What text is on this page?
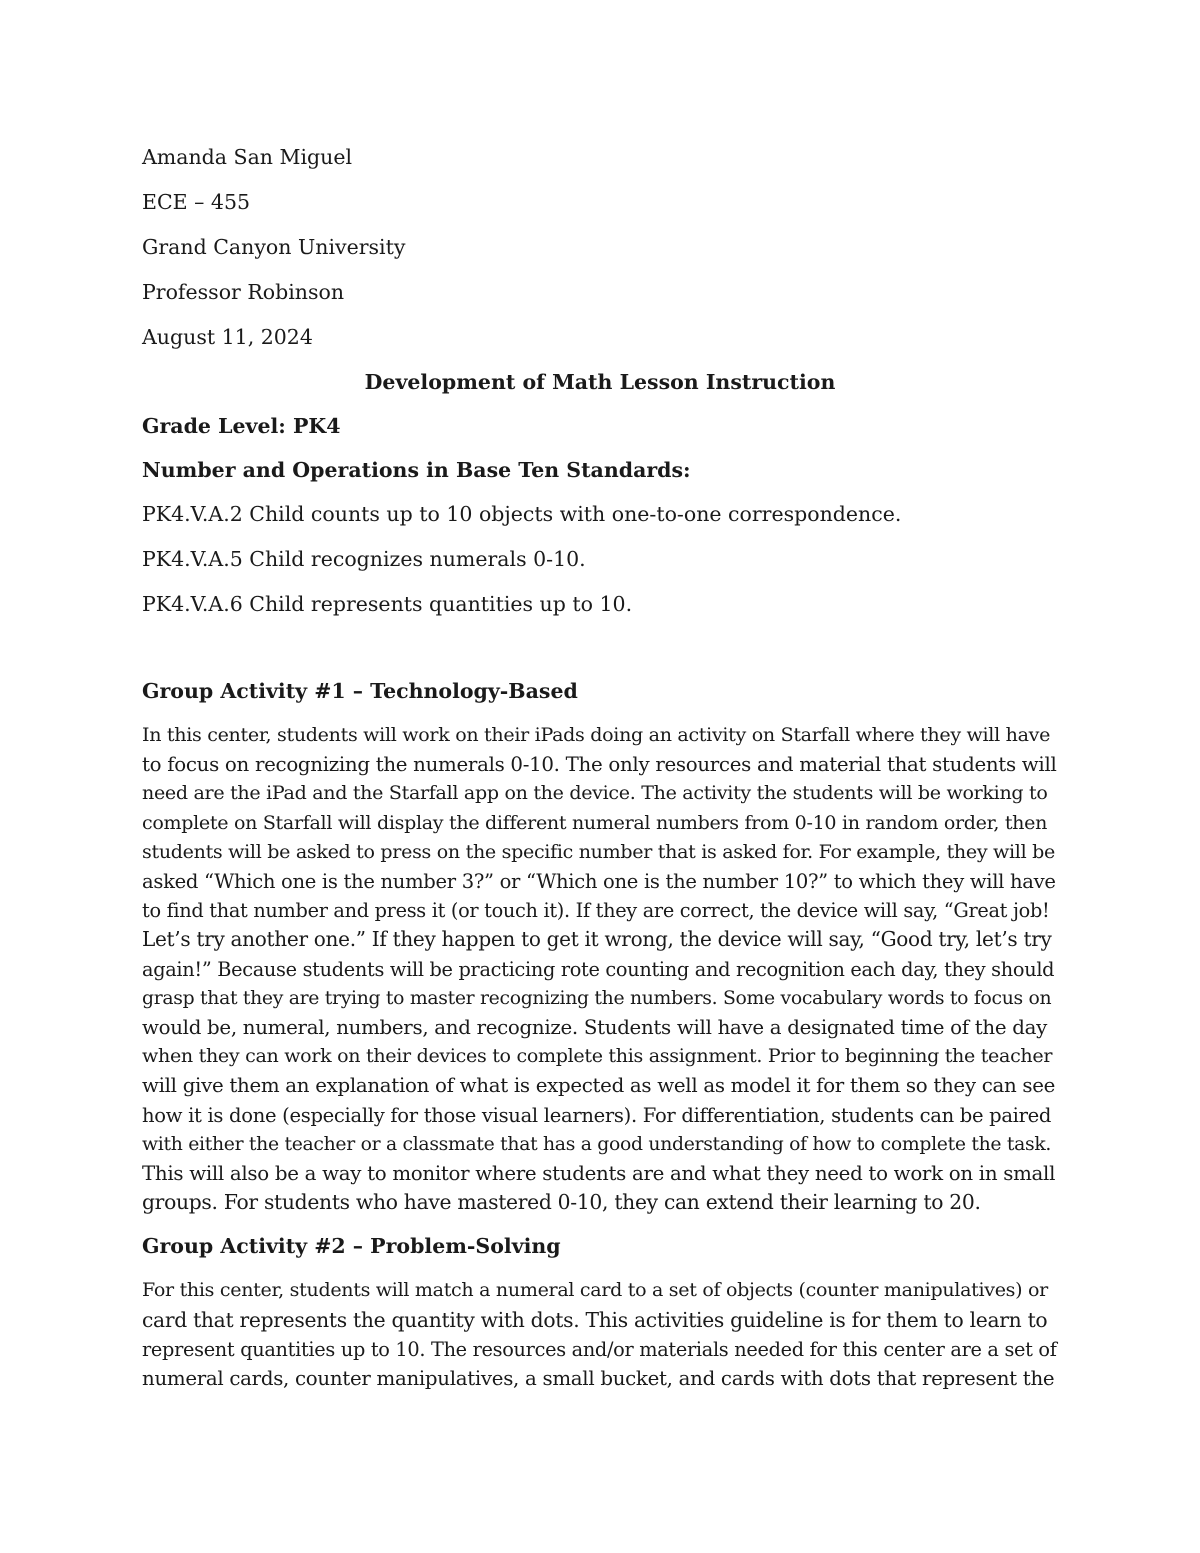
Amanda San Miguel

ECE – 455

Grand Canyon University

Professor Robinson

August 11, 2024

Development of Math Lesson Instruction

Grade Level: PK4

Number and Operations in Base Ten Standards:

PK4.V.A.2 Child counts up to 10 objects with one-to-one correspondence.

PK4.V.A.5 Child recognizes numerals 0-10.

PK4.V.A.6 Child represents quantities up to 10.

Group Activity #1 – Technology-Based

In this center, students will work on their iPads doing an activity on Starfall where they will have
to focus on recognizing the numerals 0-10. The only resources and material that students will
need are the iPad and the Starfall app on the device. The activity the students will be working to
complete on Starfall will display the different numeral numbers from 0-10 in random order, then
students will be asked to press on the specific number that is asked for. For example, they will be
asked “Which one is the number 3?” or “Which one is the number 10?” to which they will have
to find that number and press it (or touch it). If they are correct, the device will say, “Great job!
Let’s try another one.” If they happen to get it wrong, the device will say, “Good try, let’s try
again!” Because students will be practicing rote counting and recognition each day, they should
grasp that they are trying to master recognizing the numbers. Some vocabulary words to focus on
would be, numeral, numbers, and recognize. Students will have a designated time of the day
when they can work on their devices to complete this assignment. Prior to beginning the teacher
will give them an explanation of what is expected as well as model it for them so they can see
how it is done (especially for those visual learners). For differentiation, students can be paired
with either the teacher or a classmate that has a good understanding of how to complete the task.
This will also be a way to monitor where students are and what they need to work on in small
groups. For students who have mastered 0-10, they can extend their learning to 20.

Group Activity #2 – Problem-Solving

For this center, students will match a numeral card to a set of objects (counter manipulatives) or
card that represents the quantity with dots. This activities guideline is for them to learn to
represent quantities up to 10. The resources and/or materials needed for this center are a set of
numeral cards, counter manipulatives, a small bucket, and cards with dots that represent the
